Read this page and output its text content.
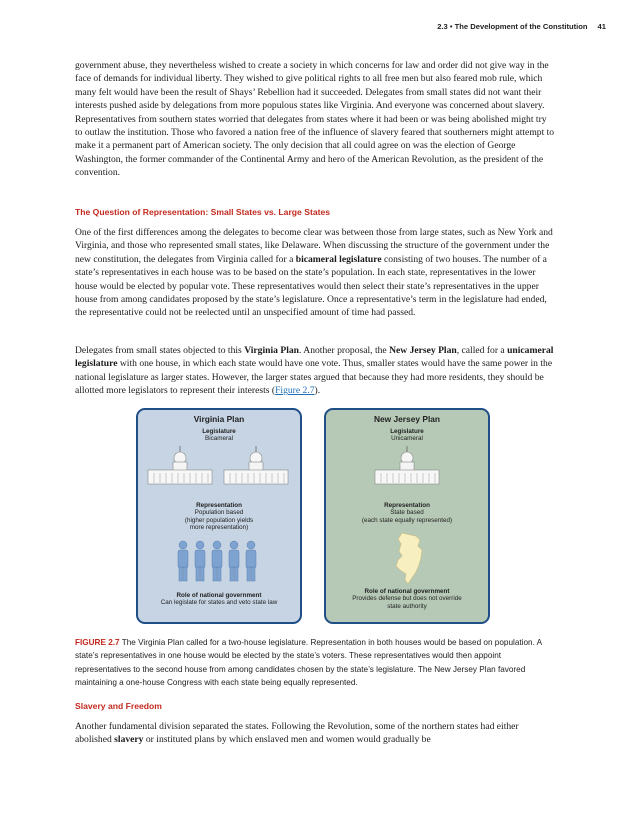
2.3 • The Development of the Constitution 41

government abuse, they nevertheless wished to create a society in which concerns for law and order did not give way in the face of demands for individual liberty. They wished to give political rights to all free men but also feared mob rule, which many felt would have been the result of Shays’ Rebellion had it succeeded. Delegates from small states did not want their interests pushed aside by delegations from more populous states like Virginia. And everyone was concerned about slavery. Representatives from southern states worried that delegates from states where it had been or was being abolished might try to outlaw the institution. Those who favored a nation free of the influence of slavery feared that southerners might attempt to make it a permanent part of American society. The only decision that all could agree on was the election of George Washington, the former commander of the Continental Army and hero of the American Revolution, as the president of the convention.

The Question of Representation: Small States vs. Large States

One of the first differences among the delegates to become clear was between those from large states, such as New York and Virginia, and those who represented small states, like Delaware. When discussing the structure of the government under the new constitution, the delegates from Virginia called for a bicameral legislature consisting of two houses. The number of a state’s representatives in each house was to be based on the state’s population. In each state, representatives in the lower house would be elected by popular vote. These representatives would then select their state’s representatives in the upper house from among candidates proposed by the state’s legislature. Once a representative’s term in the legislature had ended, the representative could not be reelected until an unspecified amount of time had passed.

Delegates from small states objected to this Virginia Plan. Another proposal, the New Jersey Plan, called for a unicameral legislature with one house, in which each state would have one vote. Thus, smaller states would have the same power in the national legislature as larger states. However, the larger states argued that because they had more residents, they should be allotted more legislators to represent their interests (Figure 2.7).

Virginia Plan
Legislature
Bicameral
Representation
Population based
(higher population yields
more representation)
Role of national government
Can legislate for states and veto state law
New Jersey Plan
Legislature
Unicameral
Representation
State based
(each state equally represented)
Role of national government
Provides defense but does not override
state authority
FIGURE 2.7 The Virginia Plan called for a two-house legislature. Representation in both houses would be based on population. A state’s representatives in one house would be elected by the state’s voters. These representatives would then appoint representatives to the second house from among candidates chosen by the state’s legislature. The New Jersey Plan favored maintaining a one-house Congress with each state being equally represented.
Slavery and Freedom

Another fundamental division separated the states. Following the Revolution, some of the northern states had either abolished slavery or instituted plans by which enslaved men and women would gradually be
